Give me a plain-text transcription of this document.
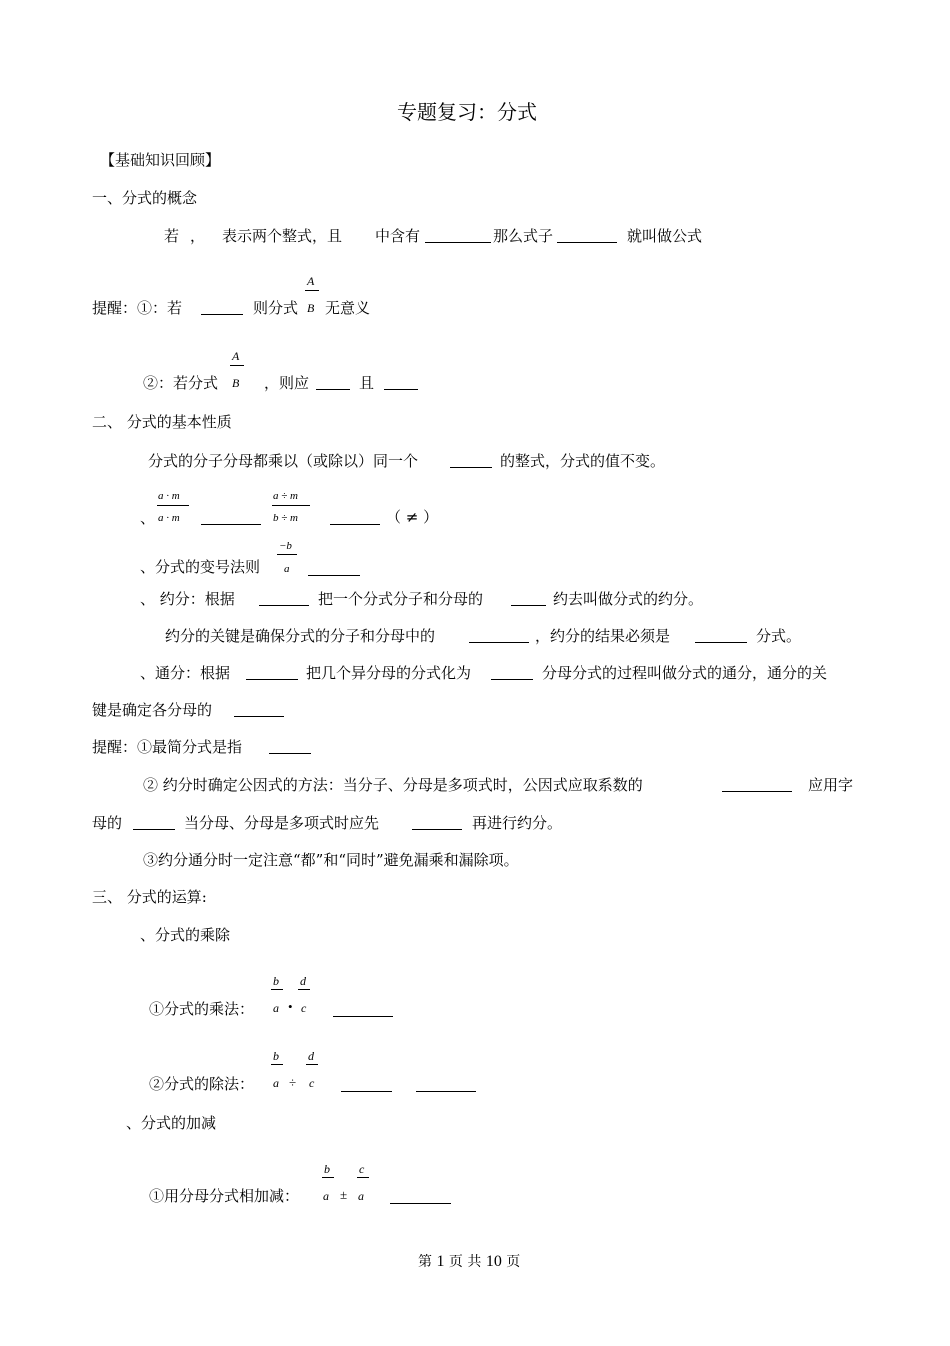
专题复习：分式
【基础知识回顾】
一、分式的概念
若 ， 表示两个整式，且 中含有	那么式子	就叫做公式
A
提醒：①：若	则分式 B 无意义
A
②：若分式 B ，则应	且
二、 分式的基本性质
分式的分子分母都乘以（或除以）同一个	的整式，分式的值不变。
a · m
、 a · m
a ÷ m
b ÷ m	（ ≠ ）
−b
、分式的变号法则 a
、 约分：根据	把一个分式分子和分母的	约去叫做分式的约分。
约分的关键是确保分式的分子和分母中的	，约分的结果必须是	分式。
、通分：根据	把几个异分母的分式化为	分母分式的过程叫做分式的通分，通分的关
键是确定各分母的
提醒：①最简分式是指
② 约分时确定公因式的方法：当分子、分母是多项式时，公因式应取系数的	应用字
母的	当分母、分母是多项式时应先	再进行约分。
③约分通分时一定注意“都”和“同时”避免漏乘和漏除项。
三、 分式的运算:
、分式的乘除
b d
①分式的乘法： a • c
b d
②分式的除法： a ÷ c
、分式的加减
b c
①用分母分式相加减： a ± a
第 1 页 共 10 页
